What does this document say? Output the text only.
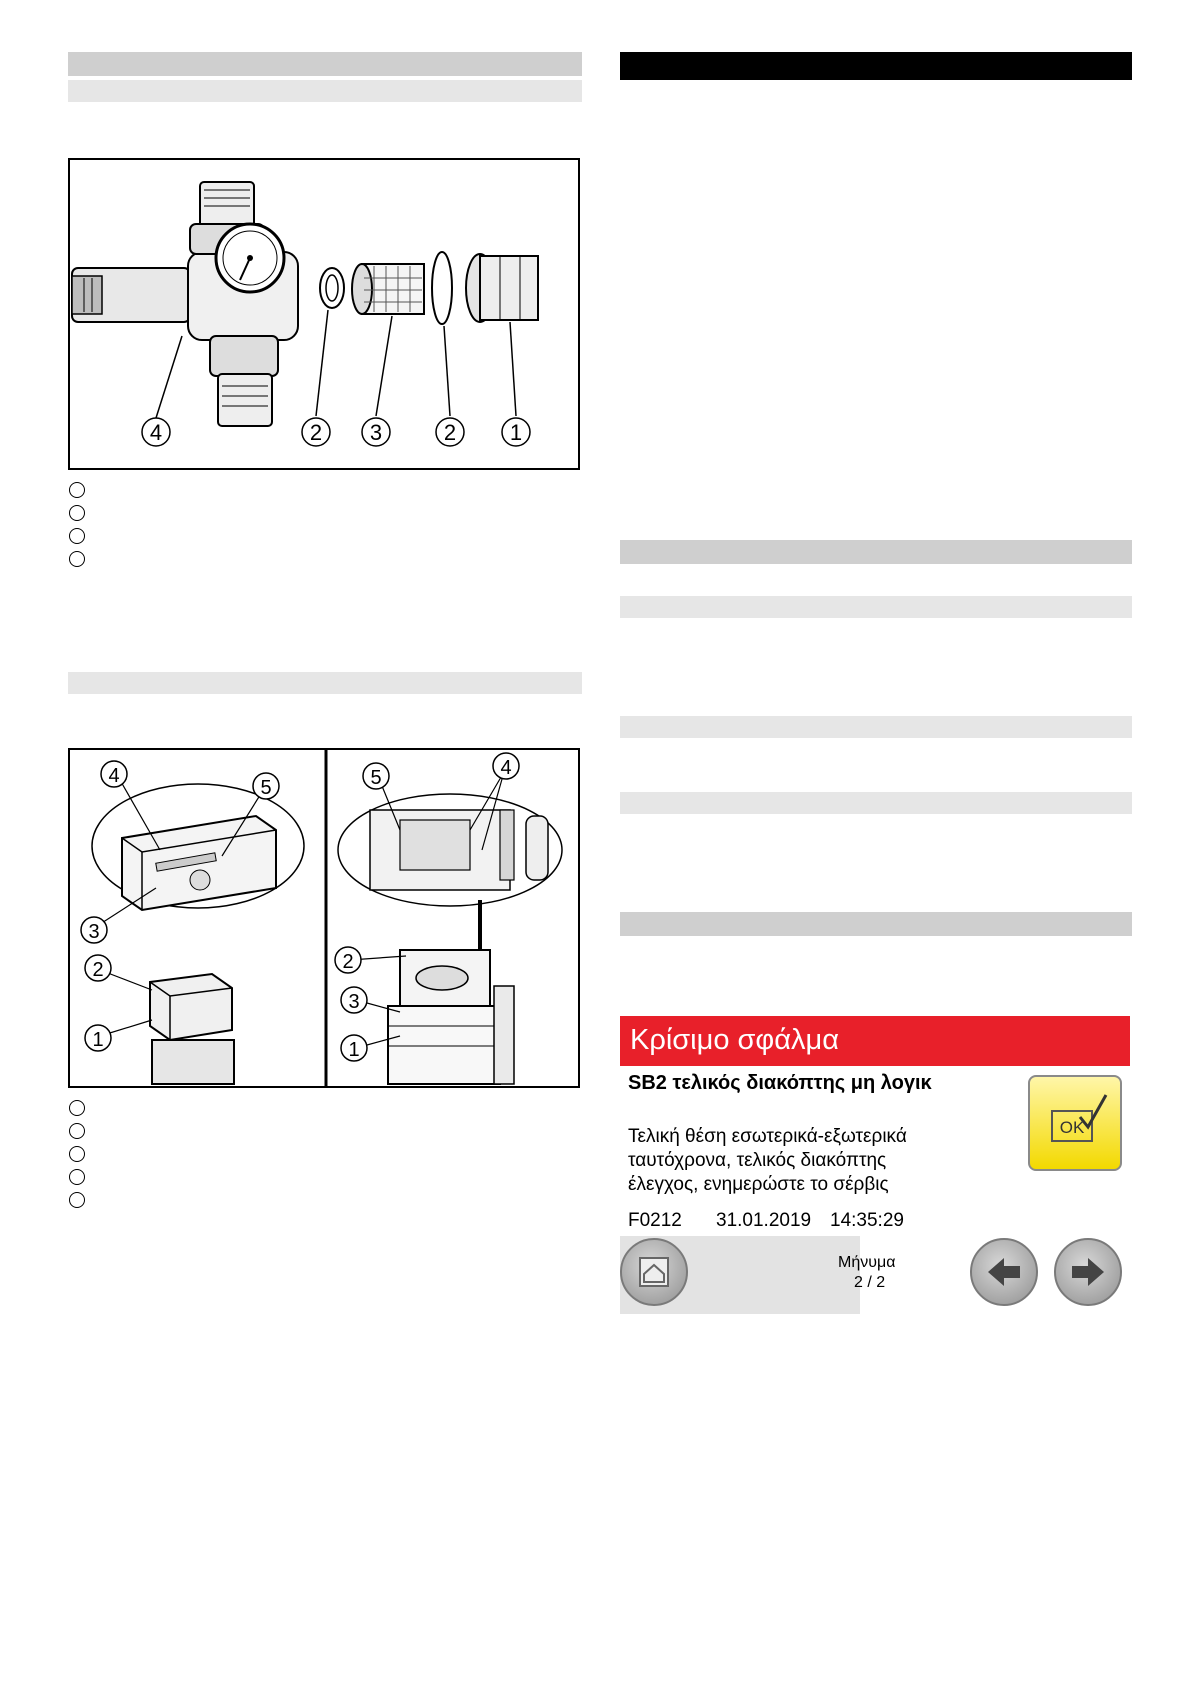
4	2 3	2 1
4
5
3
2
1
5	4
2
3
1	Κρίσιμο σφάλμα
SB2 τελικός διακόπτης μη λογικ
Τελική θέση εσωτερικά-εξωτερικά
ταυτόχρονα, τελικός διακόπτης
έλεγχος, ενημερώστε το σέρβις
F0212 31.01.2019 14:35:29
Μήνυμα
2 / 2
OK
